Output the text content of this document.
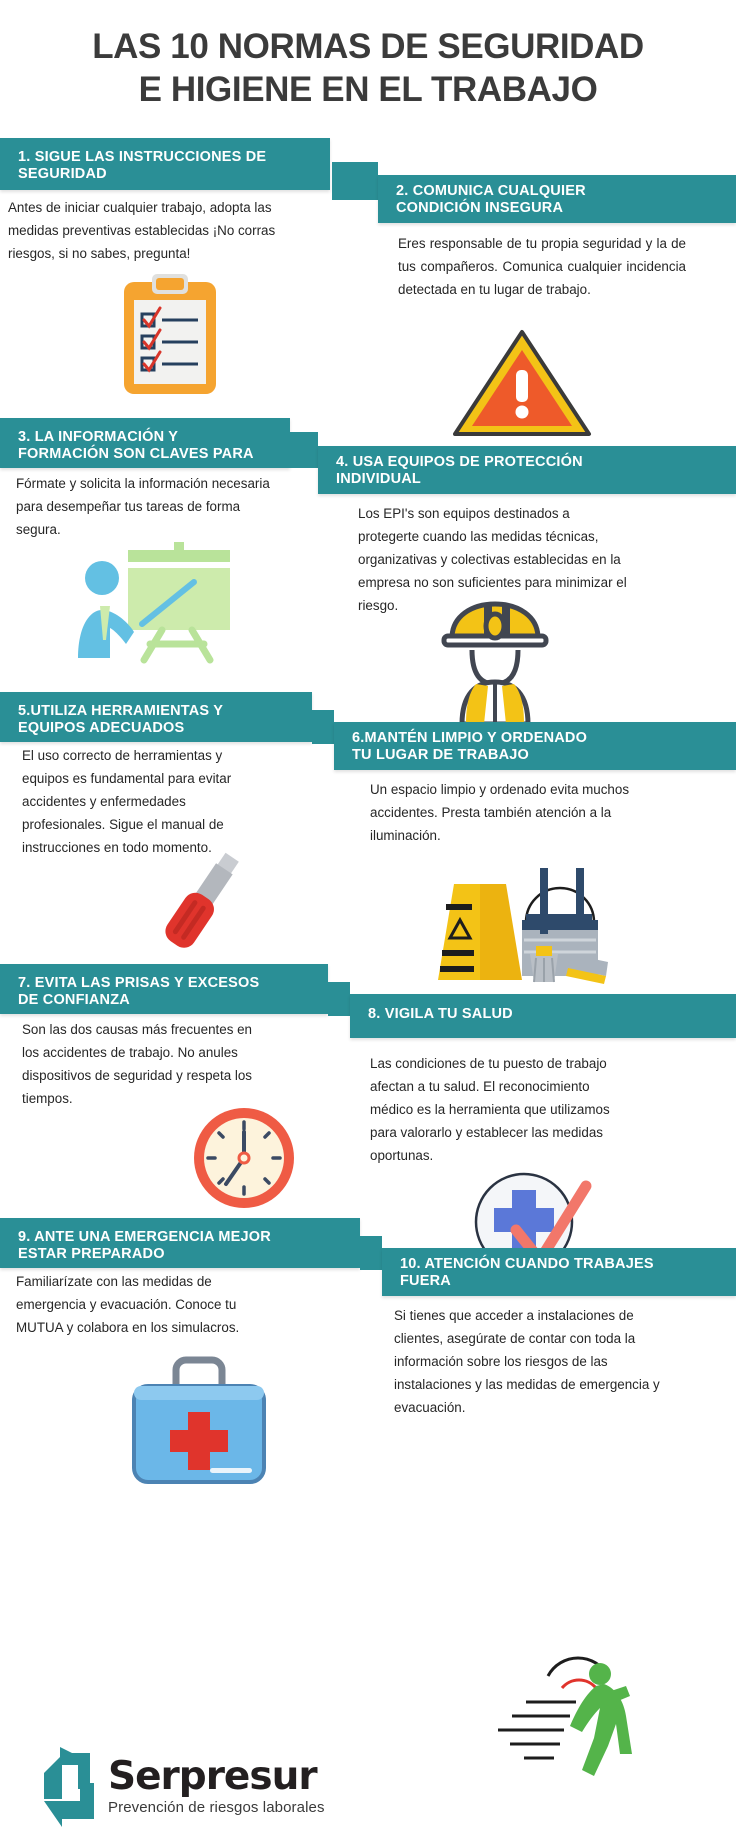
LAS 10 NORMAS DE SEGURIDAD
E HIGIENE EN EL TRABAJO
1. SIGUE LAS INSTRUCCIONES DE
SEGURIDAD
Antes de iniciar cualquier trabajo, adopta las medidas preventivas establecidas ¡No corras riesgos, si no sabes, pregunta!
2. COMUNICA CUALQUIER
CONDICIÓN INSEGURA
Eres responsable de tu propia seguridad y la de tus compañeros. Comunica cualquier incidencia detectada en tu lugar de trabajo.
3. LA INFORMACIÓN Y
FORMACIÓN SON CLAVES PARA
Fórmate y solicita la información necesaria para desempeñar tus tareas de forma segura.
4. USA EQUIPOS DE PROTECCIÓN
INDIVIDUAL
Los EPI's son equipos destinados a protegerte cuando las medidas técnicas, organizativas y colectivas establecidas en la empresa no son suficientes para minimizar el riesgo.
5.UTILIZA HERRAMIENTAS Y
EQUIPOS ADECUADOS
El uso correcto de herramientas y equipos es fundamental para evitar accidentes y enfermedades profesionales. Sigue el manual de instrucciones en todo momento.
6.MANTÉN LIMPIO Y ORDENADO
TU LUGAR DE TRABAJO
Un espacio limpio y ordenado evita muchos accidentes. Presta también atención a la iluminación.
7. EVITA LAS PRISAS Y EXCESOS
DE CONFIANZA
Son las dos causas más frecuentes en los accidentes de trabajo. No anules dispositivos de seguridad y respeta los tiempos.
8. VIGILA TU SALUD
Las condiciones de tu puesto de trabajo afectan a tu salud. El reconocimiento médico es la herramienta que utilizamos para valorarlo y establecer las medidas oportunas.
9. ANTE UNA EMERGENCIA MEJOR
ESTAR PREPARADO
Familiarízate con las medidas de emergencia y evacuación. Conoce tu MUTUA y colabora en los simulacros.
10. ATENCIÓN CUANDO TRABAJES
FUERA
Si tienes que acceder a instalaciones de clientes, asegúrate de contar con toda la información sobre los riesgos de las instalaciones y las medidas de emergencia y evacuación.
Serpresur
Prevención de riesgos laborales
